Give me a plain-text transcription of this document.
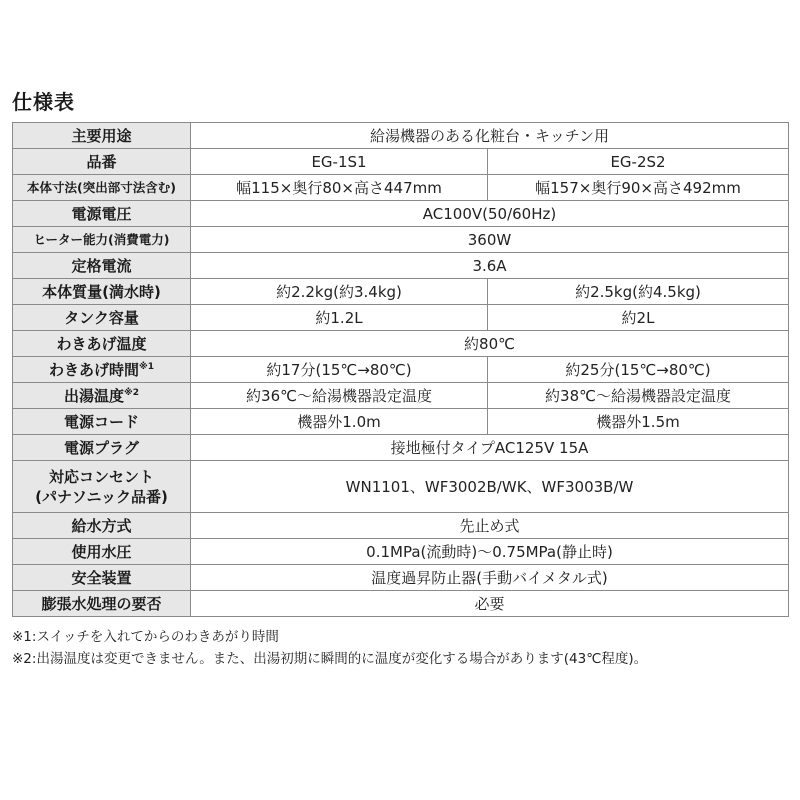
仕様表
主要用途	給湯機器のある化粧台・キッチン用	
品番	EG-1S1	EG-2S2
本体寸法(突出部寸法含む)	幅115×奥行80×高さ447mm	幅157×奥行90×高さ492mm
電源電圧	AC100V(50/60Hz)	
ヒーター能力(消費電力)	360W	
定格電流	3.6A	
本体質量(満水時)	約2.2kg(約3.4kg)	約2.5kg(約4.5kg)
タンク容量	約1.2L	約2L
わきあげ温度	約80℃	
わきあげ時間$^{※1}$	約17分(15℃→80℃)	約25分(15℃→80℃)
出湯温度$^{※2}$	約36℃～給湯機器設定温度	約38℃～給湯機器設定温度
電源コード	機器外1.0m	機器外1.5m
電源プラグ	接地極付タイプAC125V 15A	

対応コンセント
(パナソニック品番)	WN1101、WF3002B/WK、WF3003B/W	
給水方式	先止め式	
使用水圧	0.1MPa(流動時)～0.75MPa(静止時)	
安全装置	温度過昇防止器(手動バイメタル式)	
膨張水処理の要否	必要	
※1:スイッチを入れてからのわきあがり時間
※2:出湯温度は変更できません。また、出湯初期に瞬間的に温度が変化する場合があります(43℃程度)。
